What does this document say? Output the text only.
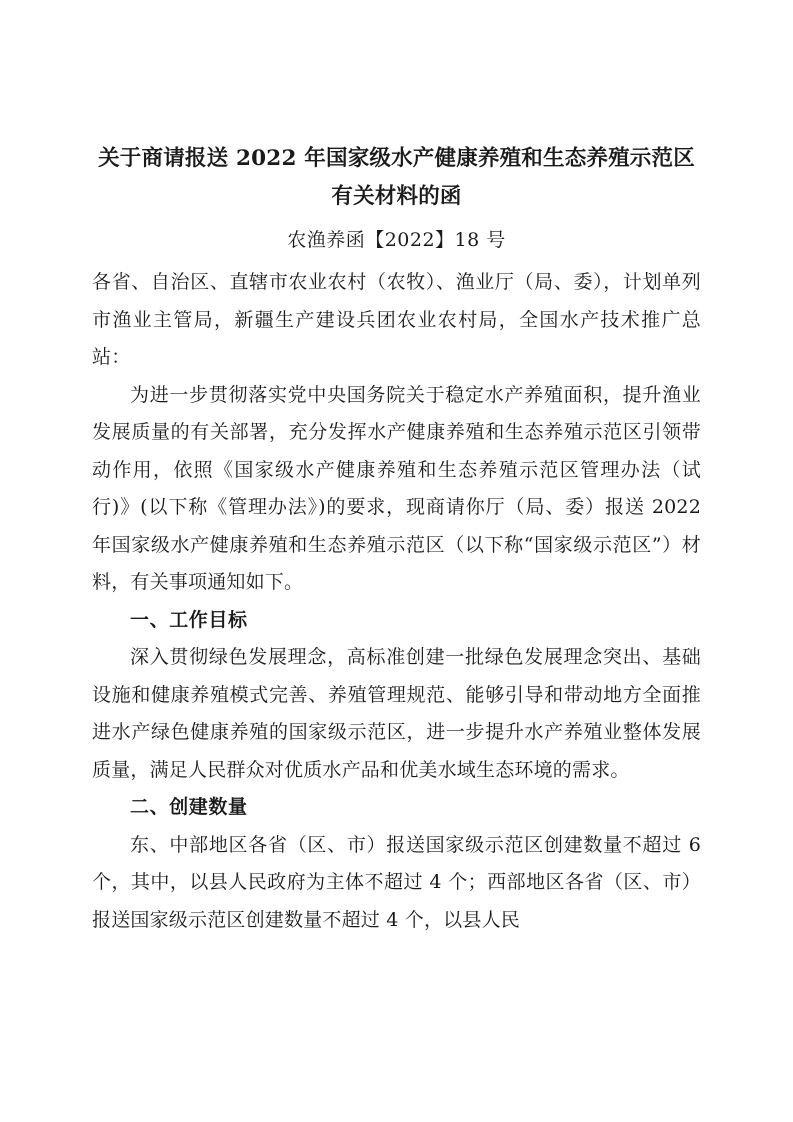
关于商请报送 2022 年国家级水产健康养殖和生态养殖示范区有关材料的函
农渔养函【2022】18 号

各省、自治区、直辖市农业农村（农牧）、渔业厅（局、委），计划单列市渔业主管局，新疆生产建设兵团农业农村局，全国水产技术推广总站：

为进一步贯彻落实党中央国务院关于稳定水产养殖面积，提升渔业发展质量的有关部署，充分发挥水产健康养殖和生态养殖示范区引领带动作用，依照《国家级水产健康养殖和生态养殖示范区管理办法（试行)》(以下称《管理办法》)的要求，现商请你厅（局、委）报送 2022 年国家级水产健康养殖和生态养殖示范区（以下称“国家级示范区”）材料，有关事项通知如下。

一、工作目标

深入贯彻绿色发展理念，高标准创建一批绿色发展理念突出、基础设施和健康养殖模式完善、养殖管理规范、能够引导和带动地方全面推进水产绿色健康养殖的国家级示范区，进一步提升水产养殖业整体发展质量，满足人民群众对优质水产品和优美水域生态环境的需求。

二、创建数量

东、中部地区各省（区、市）报送国家级示范区创建数量不超过 6 个，其中，以县人民政府为主体不超过 4 个；西部地区各省（区、市）报送国家级示范区创建数量不超过 4 个，以县人民
